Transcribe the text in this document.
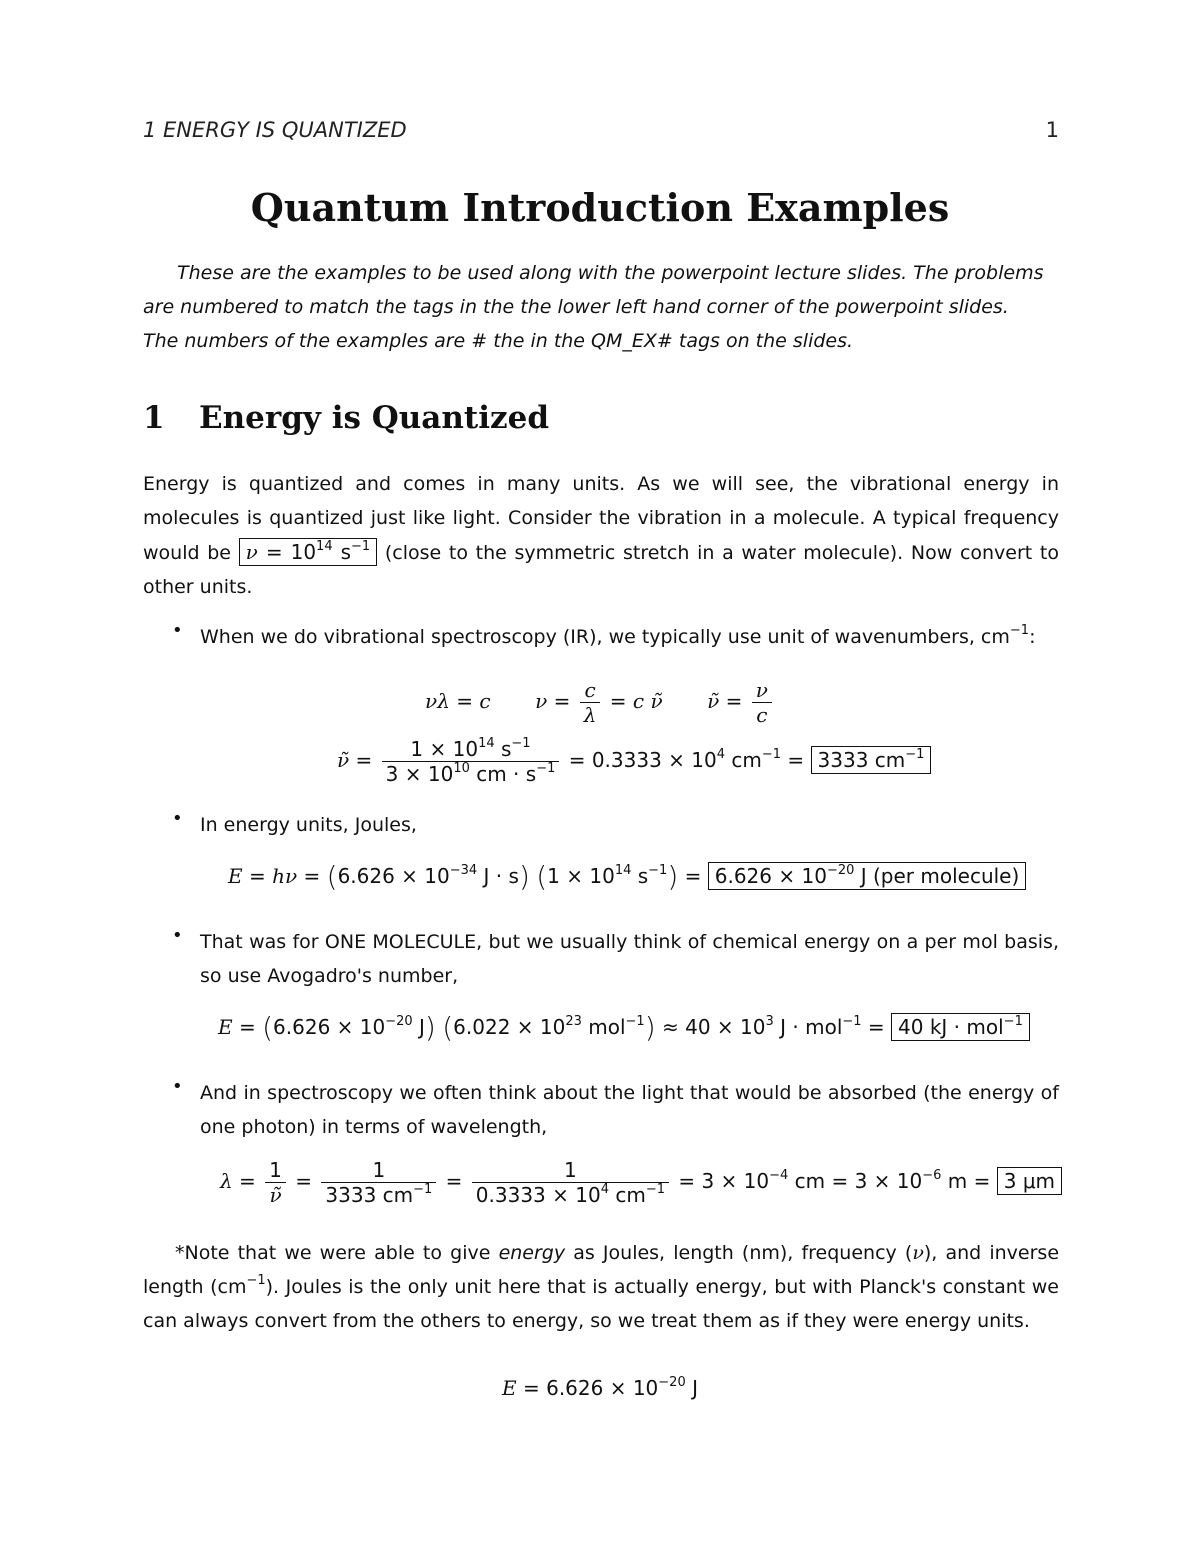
1 ENERGY IS QUANTIZED	1
Quantum Introduction Examples
These are the examples to be used along with the powerpoint lecture slides. The problems
are numbered to match the tags in the the lower left hand corner of the powerpoint slides.
The numbers of the examples are # the in the QM_EX# tags on the slides.
1 Energy is Quantized
Energy is quantized and comes in many units. As we will see, the vibrational energy in molecules is quantized just like light. Consider the vibration in a molecule. A typical frequency would be $\nu = 10^{14}$ $s^{-1}$ (close to the symmetric stretch in a water molecule). Now convert to other units.
• When we do vibrational spectroscopy (IR), we typically use unit of wavenumbers, $cm^{-1}$:
νλ = c $\nu = \frac{c}{\lambda} = c$ ν̃ ν̃ = $\frac{\nu}{c}$
ν̃ = $\frac{1 \times 10^{14} s^{-1}}{3 \times 10^{10} cm \cdot s^{-1}} = 0.3333 \times 10^4$ $cm^{-1} = 3333$ $cm^{-1}$
• In energy units, Joules,
$E = h\nu = (6.626 \times 10^{-34}$ J · s) ($1 \times 10^{14}$ $s^{-1}) = 6.626 \times 10^{-20}$ J (per molecule)
• That was for ONE MOLECULE, but we usually think of chemical energy on a per mol basis, so use Avogadro's number,
$E = (6.626 \times 10^{-20}$ J) ($6.022 \times 10^{23}$ $mol^{-1}) \approx 40 \times 10^3$ J · mol$^{-1}$ = 40 kJ · mol$^{-1}$
• And in spectroscopy we often think about the light that would be absorbed (the energy of one photon) in terms of wavelength,
$\lambda = \frac{1}{\nũ} = \frac{1}{3333 cm^{-1}} = \frac{1}{0.3333 \times 10^4 cm^{-1}} = 3 \times 10^{-4}$ cm = $3 \times 10^{-6}$ m = 3 μm
*Note that we were able to give energy as Joules, length (nm), frequency (ν), and inverse length $(cm^{-1})$. Joules is the only unit here that is actually energy, but with Planck's constant we can always convert from the others to energy, so we treat them as if they were energy units.
$E = 6.626 \times 10^{-20}$ J
